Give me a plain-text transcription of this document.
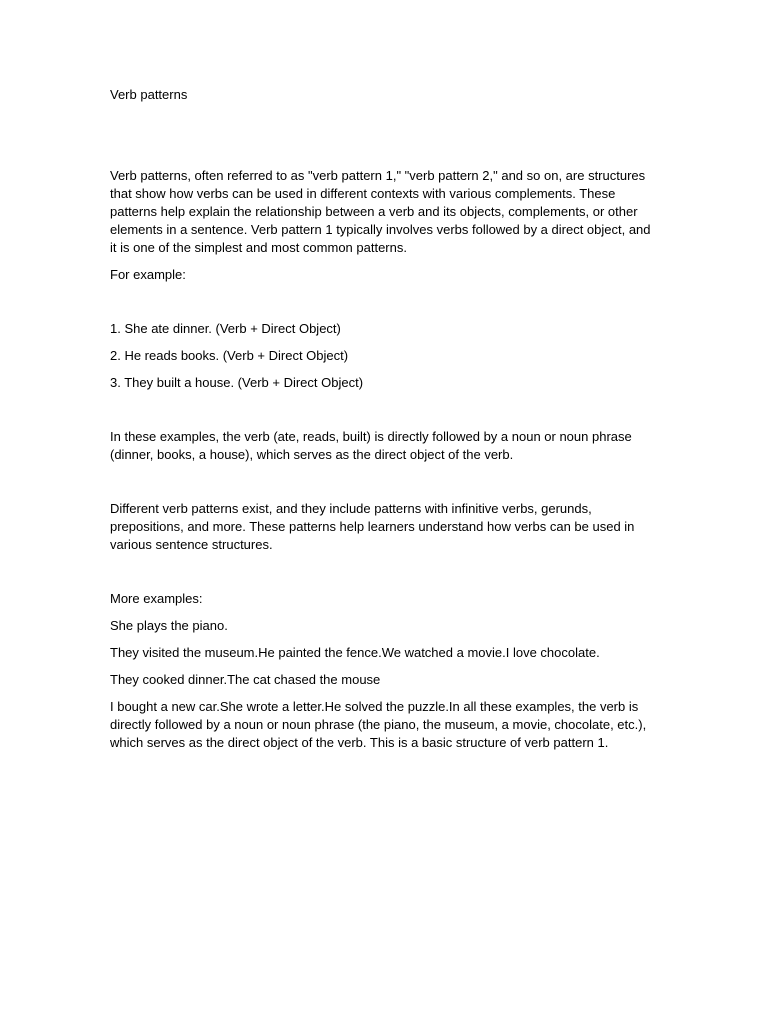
Verb patterns

Verb patterns, often referred to as "verb pattern 1," "verb pattern 2," and so on, are structures that show how verbs can be used in different contexts with various complements. These patterns help explain the relationship between a verb and its objects, complements, or other elements in a sentence. Verb pattern 1 typically involves verbs followed by a direct object, and it is one of the simplest and most common patterns.

For example:

1. She ate dinner. (Verb + Direct Object)

2. He reads books. (Verb + Direct Object)

3. They built a house. (Verb + Direct Object)

In these examples, the verb (ate, reads, built) is directly followed by a noun or noun phrase (dinner, books, a house), which serves as the direct object of the verb.

Different verb patterns exist, and they include patterns with infinitive verbs, gerunds, prepositions, and more. These patterns help learners understand how verbs can be used in various sentence structures.

More examples:

She plays the piano.

They visited the museum.He painted the fence.We watched a movie.I love chocolate.

They cooked dinner.The cat chased the mouse

I bought a new car.She wrote a letter.He solved the puzzle.In all these examples, the verb is directly followed by a noun or noun phrase (the piano, the museum, a movie, chocolate, etc.), which serves as the direct object of the verb. This is a basic structure of verb pattern 1.
